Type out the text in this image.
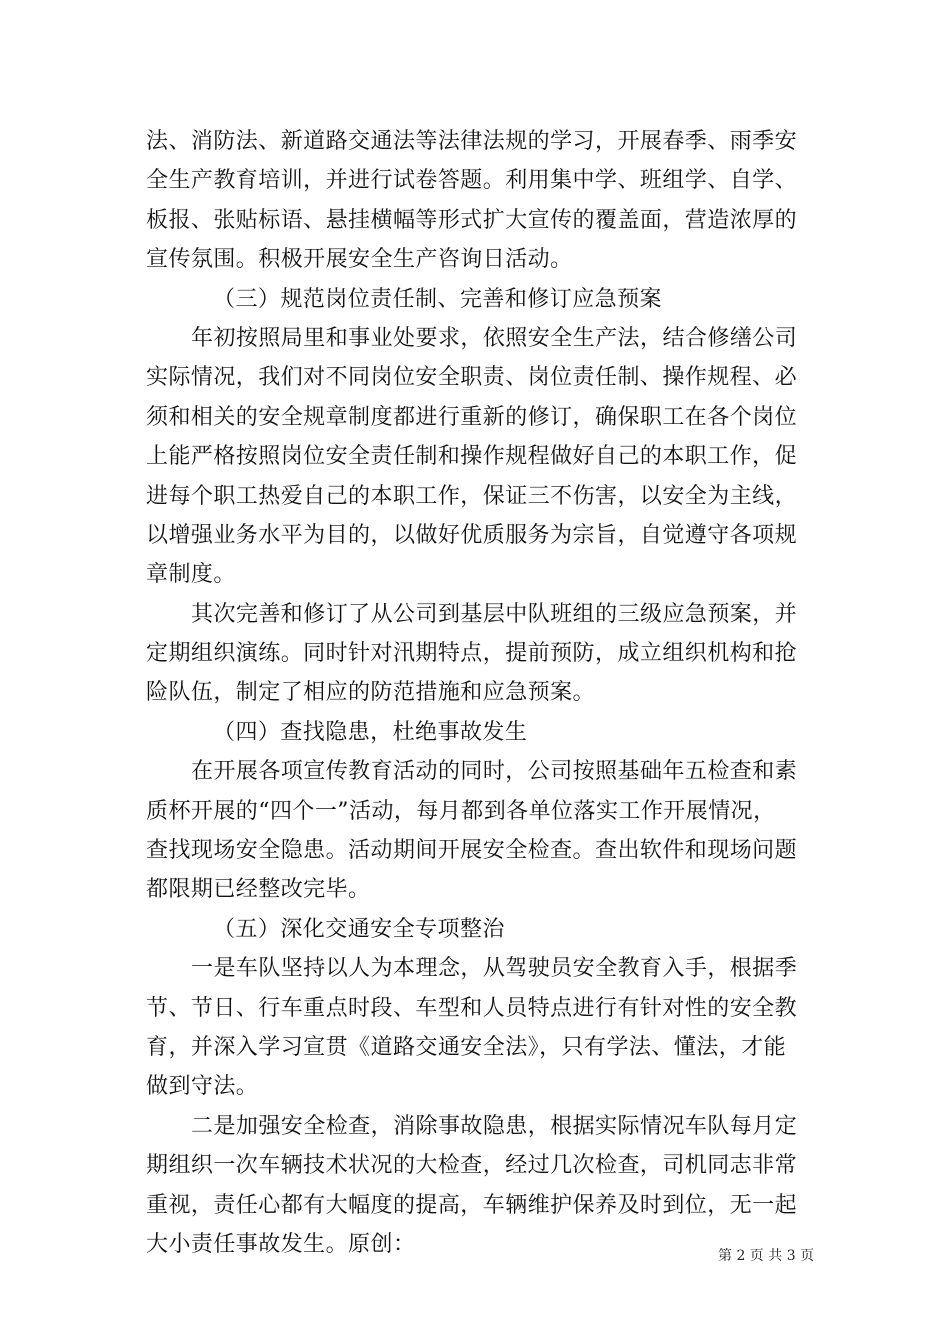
法、消防法、新道路交通法等法律法规的学习，开展春季、雨季安
全生产教育培训，并进行试卷答题。利用集中学、班组学、自学、
板报、张贴标语、悬挂横幅等形式扩大宣传的覆盖面，营造浓厚的
宣传氛围。积极开展安全生产咨询日活动。
（三）规范岗位责任制、完善和修订应急预案
年初按照局里和事业处要求，依照安全生产法，结合修缮公司
实际情况，我们对不同岗位安全职责、岗位责任制、操作规程、必
须和相关的安全规章制度都进行重新的修订，确保职工在各个岗位
上能严格按照岗位安全责任制和操作规程做好自己的本职工作，促
进每个职工热爱自己的本职工作，保证三不伤害，以安全为主线，
以增强业务水平为目的，以做好优质服务为宗旨，自觉遵守各项规
章制度。
其次完善和修订了从公司到基层中队班组的三级应急预案，并
定期组织演练。同时针对汛期特点，提前预防，成立组织机构和抢
险队伍，制定了相应的防范措施和应急预案。
（四）查找隐患，杜绝事故发生
在开展各项宣传教育活动的同时，公司按照基础年五检查和素
质杯开展的“四个一”活动，每月都到各单位落实工作开展情况，
查找现场安全隐患。活动期间开展安全检查。查出软件和现场问题
都限期已经整改完毕。
（五）深化交通安全专项整治
一是车队坚持以人为本理念，从驾驶员安全教育入手，根据季
节、节日、行车重点时段、车型和人员特点进行有针对性的安全教
育，并深入学习宣贯《道路交通安全法》，只有学法、懂法，才能
做到守法。
二是加强安全检查，消除事故隐患，根据实际情况车队每月定
期组织一次车辆技术状况的大检查，经过几次检查，司机同志非常
重视，责任心都有大幅度的提高，车辆维护保养及时到位，无一起
大小责任事故发生。原创：	第 2 页 共 3 页
